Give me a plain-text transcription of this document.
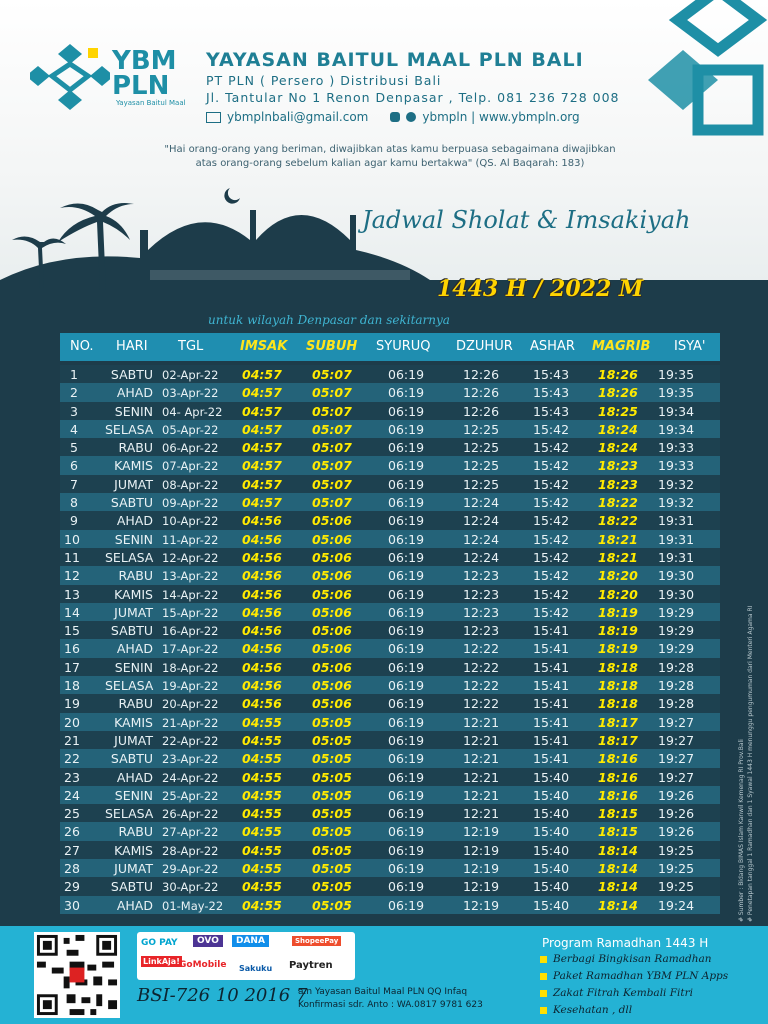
YBM
PLN
Yayasan Baitul Maal
YAYASAN BAITUL MAAL PLN BALI
PT PLN ( Persero ) Distribusi Bali
Jl. Tantular No 1 Renon Denpasar , Telp. 081 236 728 008
ybmplnbali@gmail.com	ybmpln | www.ybmpln.org
"Hai orang-orang yang beriman, diwajibkan atas kamu berpuasa sebagaimana diwajibkan
atas orang-orang sebelum kalian agar kamu bertakwa" (QS. Al Baqarah: 183)
Jadwal Sholat & Imsakiyah
1443 H / 2022 M
untuk wilayah Denpasar dan sekitarnya
NO. HARI TGL	IMSAK SUBUH SYURUQ DZUHUR ASHAR MAGRIB ISYA'
1	SABTU 02-Apr-22 04:57 05:07	06:19	12:26	15:43 18:26 19:35
2	AHAD 03-Apr-22 04:57 05:07	06:19	12:26	15:43 18:26 19:35
3	SENIN 04- Apr-22 04:57 05:07	06:19	12:26	15:43 18:25 19:34
4 SELASA 05-Apr-22 04:57 05:07	06:19	12:25	15:42 18:24 19:34
5	RABU 06-Apr-22 04:57 05:07	06:19	12:25	15:42 18:24 19:33
6	KAMIS 07-Apr-22 04:57 05:07	06:19	12:25	15:42 18:23 19:33
7	JUMAT 08-Apr-22 04:57 05:07	06:19	12:25	15:42 18:23 19:32
8	SABTU 09-Apr-22 04:57 05:07	06:19	12:24	15:42 18:22 19:32
9	AHAD 10-Apr-22 04:56 05:06	06:19	12:24	15:42 18:22 19:31
10	SENIN 11-Apr-22 04:56 05:06	06:19	12:24	15:42 18:21 19:31
11 SELASA 12-Apr-22 04:56 05:06	06:19	12:24	15:42 18:21 19:31
12	RABU 13-Apr-22 04:56 05:06	06:19	12:23	15:42 18:20 19:30
13	KAMIS 14-Apr-22 04:56 05:06	06:19	12:23	15:42 18:20 19:30
14	JUMAT 15-Apr-22 04:56 05:06	06:19	12:23	15:42 18:19 19:29
15	SABTU 16-Apr-22 04:56 05:06	06:19	12:23	15:41 18:19 19:29
16	AHAD 17-Apr-22 04:56 05:06	06:19	12:22	15:41 18:19 19:29
17	SENIN 18-Apr-22 04:56 05:06	06:19	12:22	15:41 18:18 19:28
18 SELASA 19-Apr-22 04:56 05:06	06:19	12:22	15:41 18:18 19:28
19	RABU 20-Apr-22 04:56 05:06	06:19	12:22	15:41 18:18 19:28
20	KAMIS 21-Apr-22 04:55 05:05	06:19	12:21	15:41 18:17 19:27
21	JUMAT 22-Apr-22 04:55 05:05	06:19	12:21	15:41 18:17 19:27
22	SABTU 23-Apr-22 04:55 05:05	06:19	12:21	15:41 18:16 19:27
23	AHAD 24-Apr-22 04:55 05:05	06:19	12:21	15:40 18:16 19:27
24	SENIN 25-Apr-22 04:55 05:05	06:19	12:21	15:40 18:16 19:26
25 SELASA 26-Apr-22 04:55 05:05	06:19	12:21	15:40 18:15 19:26
26	RABU 27-Apr-22 04:55 05:05	06:19	12:19	15:40 18:15 19:26
27	KAMIS 28-Apr-22 04:55 05:05	06:19	12:19	15:40 18:14 19:25
28	JUMAT 29-Apr-22 04:55 05:05	06:19	12:19	15:40 18:14 19:25
29	SABTU 30-Apr-22 04:55 05:05	06:19	12:19	15:40 18:14 19:25
30	AHAD 01-May-22 04:55 05:05	06:19	12:19	15:40 18:14 19:24	# Sumber : Bidang BIMAS Islam Kanwil Kemenag RI Prov.Bali # Penetapan tanggal 1 Ramadhan dan 1 Syawal 1443 H menunggu pengumuman dari Menteri Agama RI
GO PAY	OVO	DANA	ShopeePay
LinkAja! GoMobile Sakuku Paytren
BSI-726 10 2016 7
a.n Yayasan Baitul Maal PLN QQ Infaq
Konfirmasi sdr. Anto : WA.0817 9781 623
Program Ramadhan 1443 H
Berbagi Bingkisan Ramadhan
Paket Ramadhan YBM PLN Apps
Zakat Fitrah Kembali Fitri
Kesehatan , dll
